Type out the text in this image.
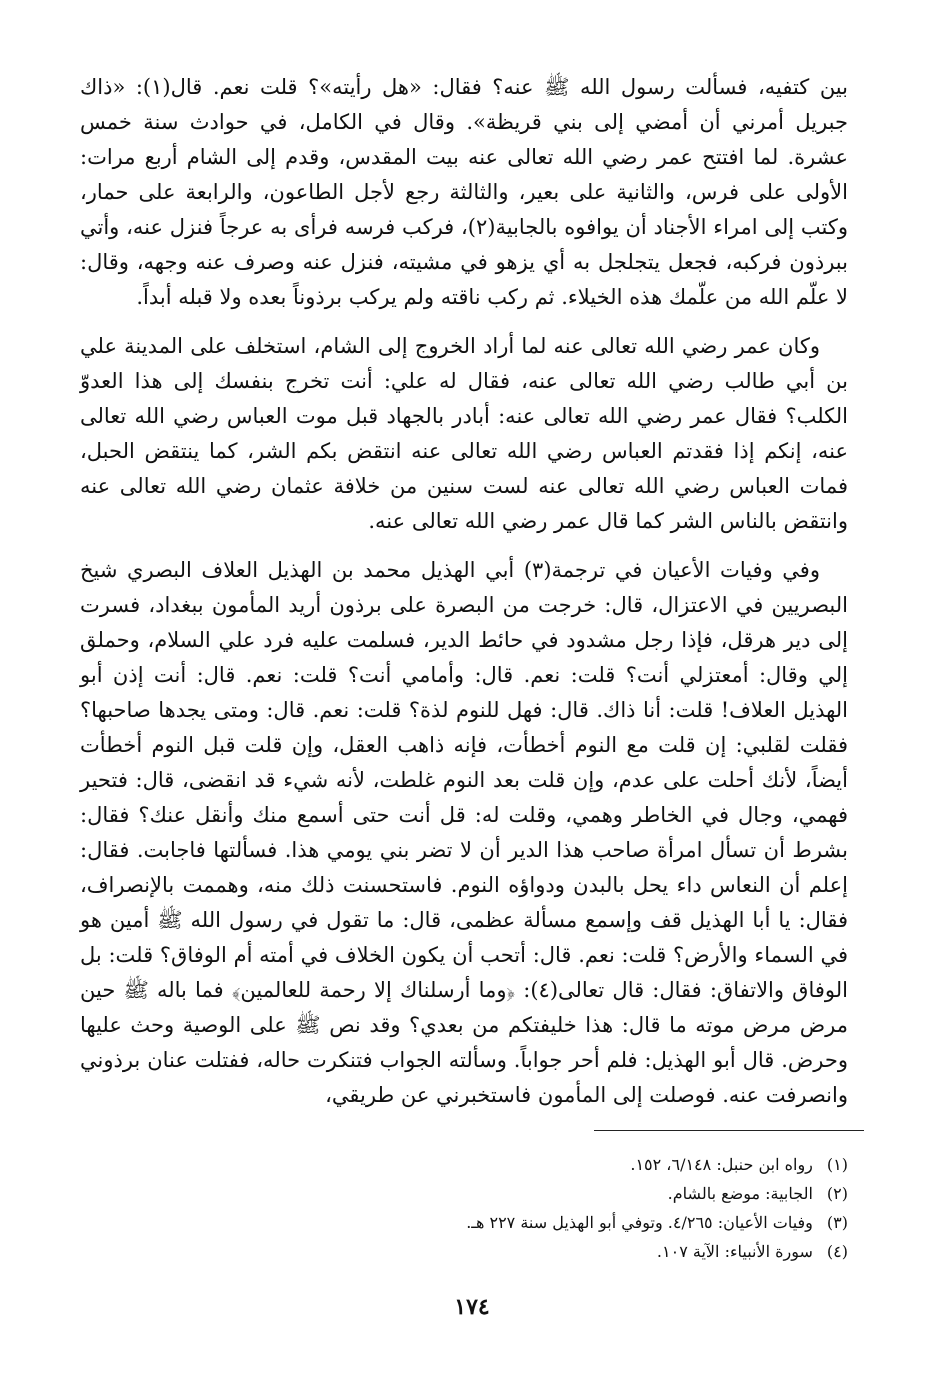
بين كتفيه، فسألت رسول الله ﷺ عنه؟ فقال: «هل رأيته»؟ قلت نعم. قال(١): «ذاك جبريل أمرني أن أمضي إلى بني قريظة». وقال في الكامل، في حوادث سنة خمس عشرة. لما افتتح عمر رضي الله تعالى عنه بيت المقدس، وقدم إلى الشام أربع مرات: الأولى على فرس، والثانية على بعير، والثالثة رجع لأجل الطاعون، والرابعة على حمار، وكتب إلى امراء الأجناد أن يوافوه بالجابية(٢)، فركب فرسه فرأى به عرجاً فنزل عنه، وأتي ببرذون فركبه، فجعل يتجلجل به أي يزهو في مشيته، فنزل عنه وصرف عنه وجهه، وقال: لا علّم الله من علّمك هذه الخيلاء. ثم ركب ناقته ولم يركب برذوناً بعده ولا قبله أبداً.

وكان عمر رضي الله تعالى عنه لما أراد الخروج إلى الشام، استخلف على المدينة علي بن أبي طالب رضي الله تعالى عنه، فقال له علي: أنت تخرج بنفسك إلى هذا العدوّ الكلب؟ فقال عمر رضي الله تعالى عنه: أبادر بالجهاد قبل موت العباس رضي الله تعالى عنه، إنكم إذا فقدتم العباس رضي الله تعالى عنه انتقض بكم الشر، كما ينتقض الحبل، فمات العباس رضي الله تعالى عنه لست سنين من خلافة عثمان رضي الله تعالى عنه وانتقض بالناس الشر كما قال عمر رضي الله تعالى عنه.

وفي وفيات الأعيان في ترجمة(٣) أبي الهذيل محمد بن الهذيل العلاف البصري شيخ البصريين في الاعتزال، قال: خرجت من البصرة على برذون أريد المأمون ببغداد، فسرت إلى دير هرقل، فإذا رجل مشدود في حائط الدير، فسلمت عليه فرد علي السلام، وحملق إلي وقال: أمعتزلي أنت؟ قلت: نعم. قال: وأمامي أنت؟ قلت: نعم. قال: أنت إذن أبو الهذيل العلاف! قلت: أنا ذاك. قال: فهل للنوم لذة؟ قلت: نعم. قال: ومتى يجدها صاحبها؟ فقلت لقلبي: إن قلت مع النوم أخطأت، فإنه ذاهب العقل، وإن قلت قبل النوم أخطأت أيضاً، لأنك أحلت على عدم، وإن قلت بعد النوم غلطت، لأنه شيء قد انقضى، قال: فتحير فهمي، وجال في الخاطر وهمي، وقلت له: قل أنت حتى أسمع منك وأنقل عنك؟ فقال: بشرط أن تسأل امرأة صاحب هذا الدير أن لا تضر بني يومي هذا. فسألتها فاجابت. فقال: إعلم أن النعاس داء يحل بالبدن ودواؤه النوم. فاستحسنت ذلك منه، وهممت بالإنصراف، فقال: يا أبا الهذيل قف وإسمع مسألة عظمى، قال: ما تقول في رسول الله ﷺ أمين هو في السماء والأرض؟ قلت: نعم. قال: أتحب أن يكون الخلاف في أمته أم الوفاق؟ قلت: بل الوفاق والاتفاق: فقال: قال تعالى(٤): ﴿وما أرسلناك إلا رحمة للعالمين﴾ فما باله ﷺ حين مرض مرض موته ما قال: هذا خليفتكم من بعدي؟ وقد نص ﷺ على الوصية وحث عليها وحرض. قال أبو الهذيل: فلم أحر جواباً. وسألته الجواب فتنكرت حاله، ففتلت عنان برذوني وانصرفت عنه. فوصلت إلى المأمون فاستخبرني عن طريقي،

(١) رواه ابن حنبل: ٦/١٤٨، ١٥٢.
(٢) الجابية: موضع بالشام.
(٣) وفيات الأعيان: ٤/٢٦٥. وتوفي أبو الهذيل سنة ٢٢٧ هـ.
(٤) سورة الأنبياء: الآية ١٠٧.
١٧٤
